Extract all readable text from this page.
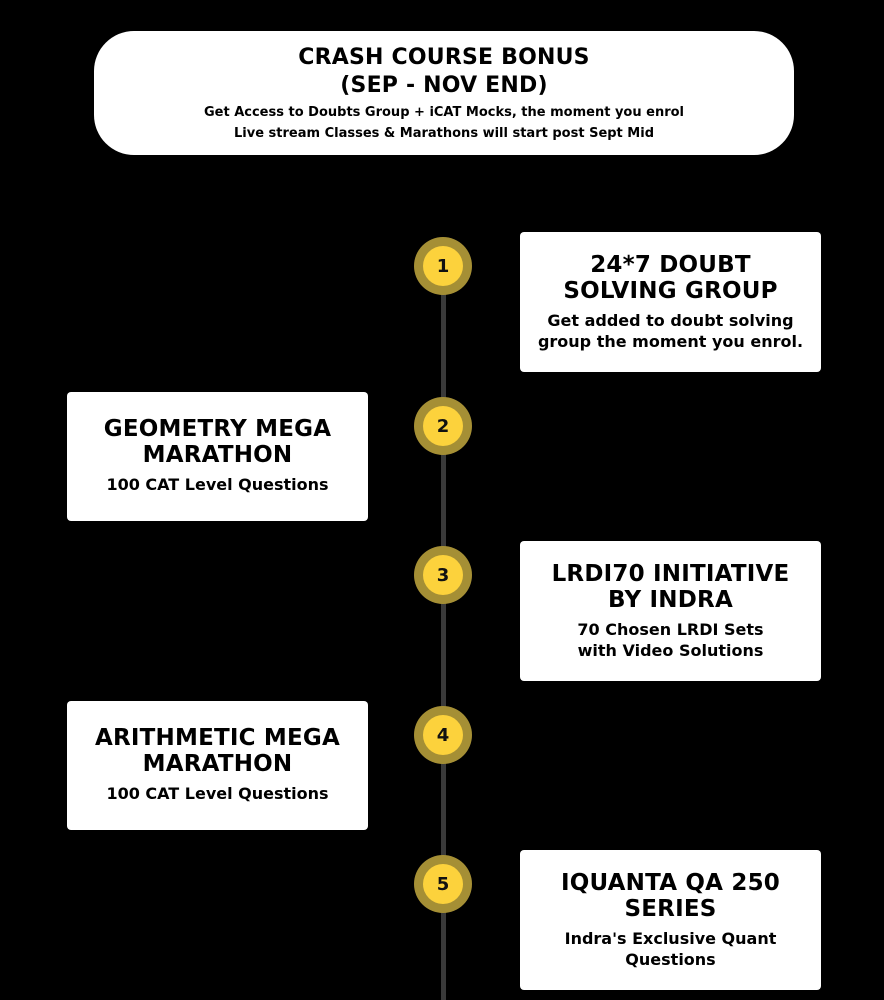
CRASH COURSE BONUS
(SEP - NOV END)
Get Access to Doubts Group + iCAT Mocks, the moment you enrol
Live stream Classes & Marathons will start post Sept Mid
1	24*7 DOUBT
SOLVING GROUP
Get added to doubt solving
group the moment you enrol.
2
GEOMETRY MEGA
MARATHON
100 CAT Level Questions
3	LRDI70 INITIATIVE
BY INDRA
70 Chosen LRDI Sets
with Video Solutions
4
ARITHMETIC MEGA
MARATHON
100 CAT Level Questions
5	IQUANTA QA 250
SERIES
Indra's Exclusive Quant
Questions
